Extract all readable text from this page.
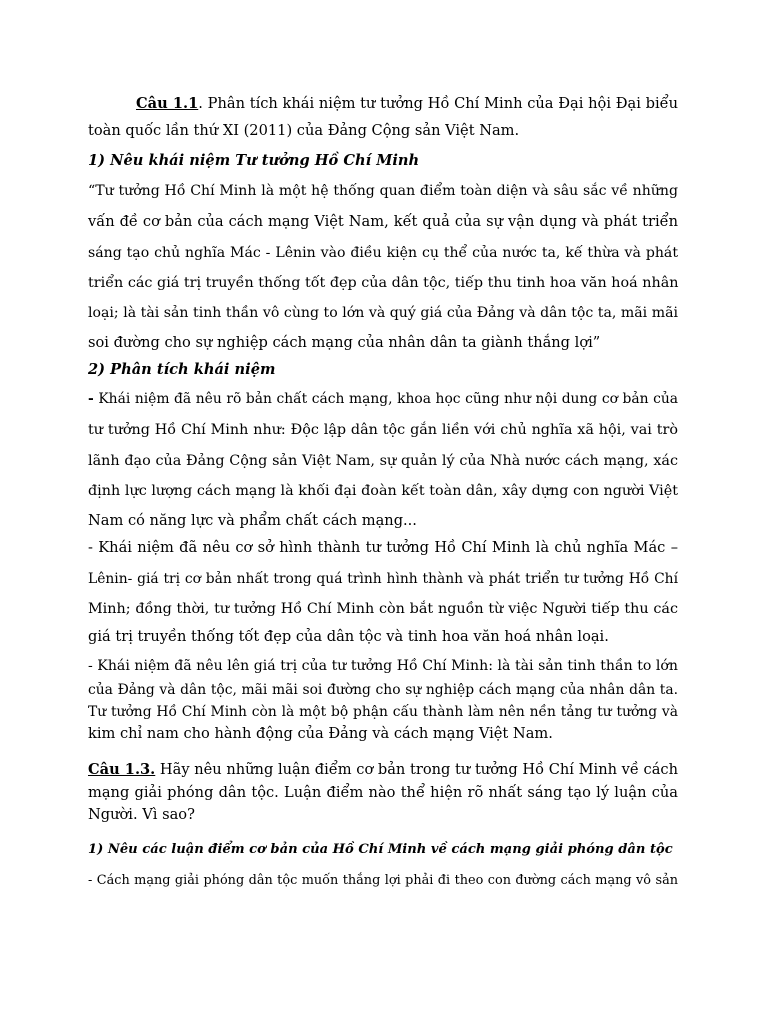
Câu 1.1. Phân tích khái niệm tư tưởng Hồ Chí Minh của Đại hội Đại biểu
toàn quốc lần thứ XI (2011) của Đảng Cộng sản Việt Nam.
1) Nêu khái niệm Tư tưởng Hồ Chí Minh
“Tư tưởng Hồ Chí Minh là một hệ thống quan điểm toàn diện và sâu sắc về những
vấn đề cơ bản của cách mạng Việt Nam, kết quả của sự vận dụng và phát triển
sáng tạo chủ nghĩa Mác - Lênin vào điều kiện cụ thể của nước ta, kế thừa và phát
triển các giá trị truyền thống tốt đẹp của dân tộc, tiếp thu tinh hoa văn hoá nhân
loại; là tài sản tinh thần vô cùng to lớn và quý giá của Đảng và dân tộc ta, mãi mãi
soi đường cho sự nghiệp cách mạng của nhân dân ta giành thắng lợi”
2) Phân tích khái niệm
- Khái niệm đã nêu rõ bản chất cách mạng, khoa học cũng như nội dung cơ bản của
tư tưởng Hồ Chí Minh như: Độc lập dân tộc gắn liền với chủ nghĩa xã hội, vai trò
lãnh đạo của Đảng Cộng sản Việt Nam, sự quản lý của Nhà nước cách mạng, xác
định lực lượng cách mạng là khối đại đoàn kết toàn dân, xây dựng con người Việt
Nam có năng lực và phẩm chất cách mạng...
- Khái niệm đã nêu cơ sở hình thành tư tưởng Hồ Chí Minh là chủ nghĩa Mác –
Lênin- giá trị cơ bản nhất trong quá trình hình thành và phát triển tư tưởng Hồ Chí
Minh; đồng thời, tư tưởng Hồ Chí Minh còn bắt nguồn từ việc Người tiếp thu các
giá trị truyền thống tốt đẹp của dân tộc và tinh hoa văn hoá nhân loại.
- Khái niệm đã nêu lên giá trị của tư tưởng Hồ Chí Minh: là tài sản tinh thần to lớn
của Đảng và dân tộc, mãi mãi soi đường cho sự nghiệp cách mạng của nhân dân ta.
Tư tưởng Hồ Chí Minh còn là một bộ phận cấu thành làm nên nền tảng tư tưởng và
kim chỉ nam cho hành động của Đảng và cách mạng Việt Nam.
Câu 1.3. Hãy nêu những luận điểm cơ bản trong tư tưởng Hồ Chí Minh về cách
mạng giải phóng dân tộc. Luận điểm nào thể hiện rõ nhất sáng tạo lý luận của
Người. Vì sao?
1) Nêu các luận điểm cơ bản của Hồ Chí Minh về cách mạng giải phóng dân tộc
- Cách mạng giải phóng dân tộc muốn thắng lợi phải đi theo con đường cách mạng vô sản
